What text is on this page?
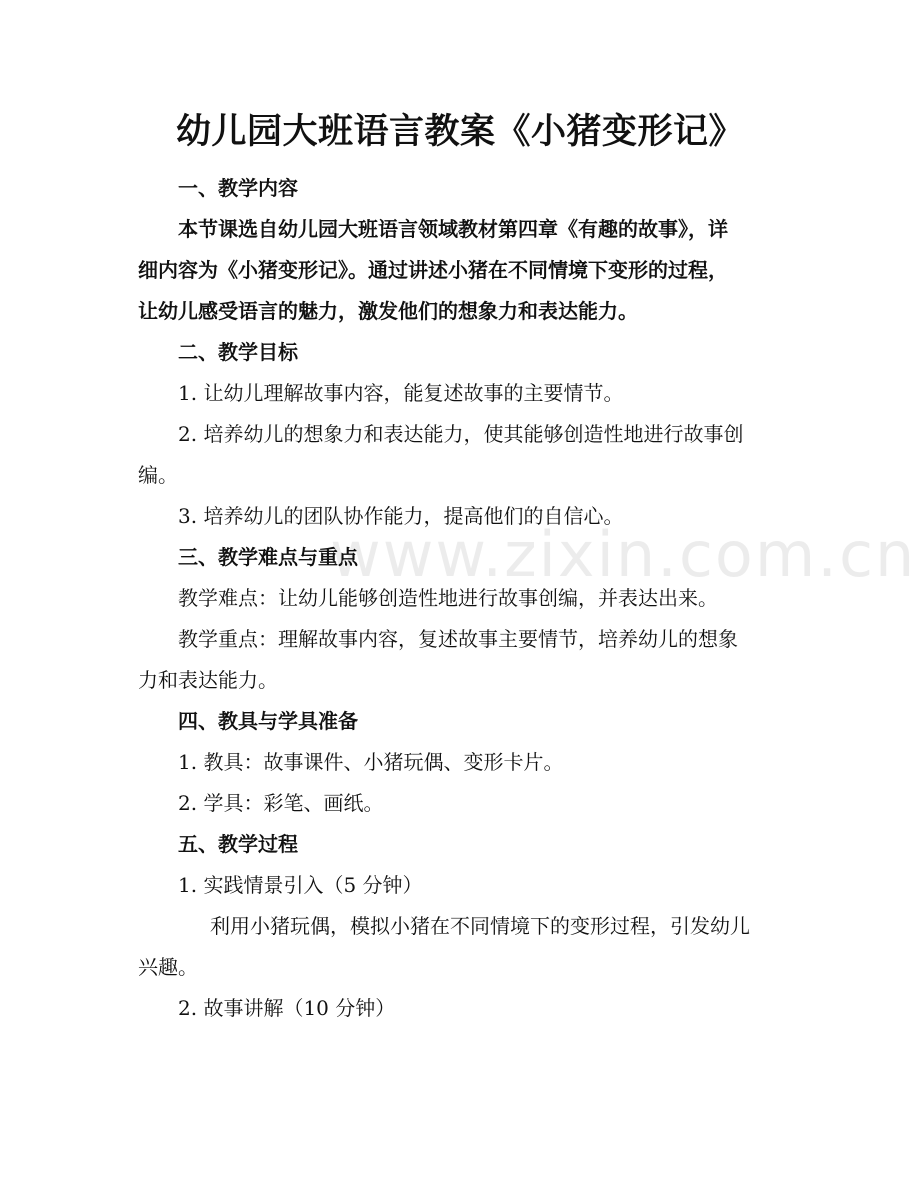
www.zixin.com.cn
幼儿园大班语言教案《小猪变形记》
一、教学内容
本节课选自幼儿园大班语言领域教材第四章《有趣的故事》，详
细内容为《小猪变形记》。通过讲述小猪在不同情境下变形的过程，
让幼儿感受语言的魅力，激发他们的想象力和表达能力。
二、教学目标
1. 让幼儿理解故事内容，能复述故事的主要情节。
2. 培养幼儿的想象力和表达能力，使其能够创造性地进行故事创
编。
3. 培养幼儿的团队协作能力，提高他们的自信心。
三、教学难点与重点
教学难点：让幼儿能够创造性地进行故事创编，并表达出来。
教学重点：理解故事内容，复述故事主要情节，培养幼儿的想象
力和表达能力。
四、教具与学具准备
1. 教具：故事课件、小猪玩偶、变形卡片。
2. 学具：彩笔、画纸。
五、教学过程
1. 实践情景引入（5 分钟）
利用小猪玩偶，模拟小猪在不同情境下的变形过程，引发幼儿
兴趣。
2. 故事讲解（10 分钟）
